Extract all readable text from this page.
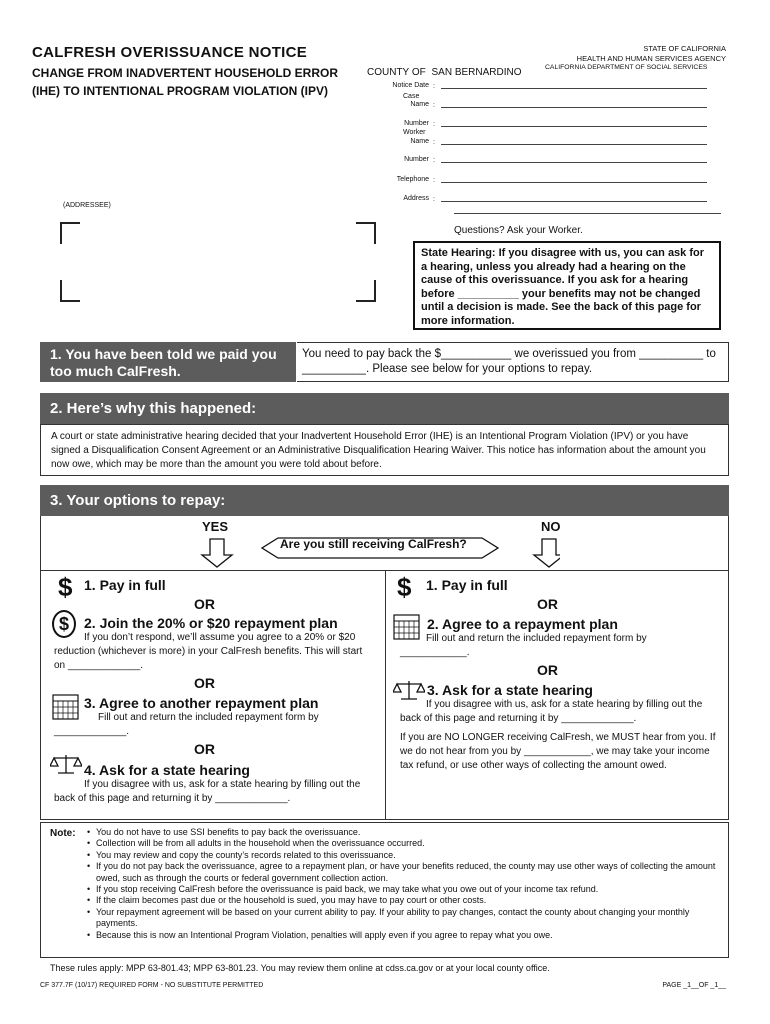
CALFRESH OVERISSUANCE NOTICE
CHANGE FROM INADVERTENT HOUSEHOLD ERROR (IHE) TO INTENTIONAL PROGRAM VIOLATION (IPV)
STATE OF CALIFORNIA
HEALTH AND HUMAN SERVICES AGENCY
COUNTY OF SAN BERNARDINO	CALIFORNIA DEPARTMENT OF SOCIAL SERVICES
Notice Date :
Case
Name :
Number :
Worker
Name :
Number :
Telephone :
Address :
Questions? Ask your Worker.
(ADDRESSEE)
State Hearing: If you disagree with us, you can ask for a hearing, unless you already had a hearing on the cause of this overissuance. If you ask for a hearing before __________ your benefits may not be changed until a decision is made. See the back of this page for more information.
1. You have been told we paid you too much CalFresh.
You need to pay back the $___________ we overissued you from __________ to __________. Please see below for your options to repay.
2. Here’s why this happened:
A court or state administrative hearing decided that your Inadvertent Household Error (IHE) is an Intentional Program Violation (IPV) or you have signed a Disqualification Consent Agreement or an Administrative Disqualification Hearing Waiver. This notice has information about the amount you now owe, which may be more than the amount you were told about before.
3. Your options to repay:
YES	NO
Are you still receiving CalFresh?
$ 1. Pay in full
OR
$	2. Join the 20% or $20 repayment plan
If you don’t respond, we’ll assume you agree to a 20% or $20 reduction (whichever is more) in your CalFresh benefits. This will start on _____________.
OR
3. Agree to another repayment plan
Fill out and return the included repayment form by _____________.
OR
4. Ask for a state hearing
If you disagree with us, ask for a state hearing by filling out the back of this page and returning it by _____________.
$ 1. Pay in full
OR
2. Agree to a repayment plan
Fill out and return the included repayment form by ____________.
OR
3. Ask for a state hearing
If you disagree with us, ask for a state hearing by filling out the back of this page and returning it by _____________.
If you are NO LONGER receiving CalFresh, we MUST hear from you. If we do not hear from you by ____________, we may take your income tax refund, or use other ways of collecting the amount owed.
Note:
•	You do not have to use SSI benefits to pay back the overissuance.
• Collection will be from all adults in the household when the overissuance occurred.
• You may review and copy the county’s records related to this overissuance.
• If you do not pay back the overissuance, agree to a repayment plan, or have your benefits reduced, the county may use other ways of collecting the amount owed, such as through the courts or federal government collection action.
• If you stop receiving CalFresh before the overissuance is paid back, we may take what you owe out of your income tax refund.
• If the claim becomes past due or the household is sued, you may have to pay court or other costs.
• Your repayment agreement will be based on your current ability to pay. If your ability to pay changes, contact the county about changing your monthly payments.
• Because this is now an Intentional Program Violation, penalties will apply even if you agree to repay what you owe.
These rules apply: MPP 63-801.43; MPP 63-801.23. You may review them online at cdss.ca.gov or at your local county office.
CF 377.7F (10/17) REQUIRED FORM - NO SUBSTITUTE PERMITTED	PAGE _1__OF _1__
